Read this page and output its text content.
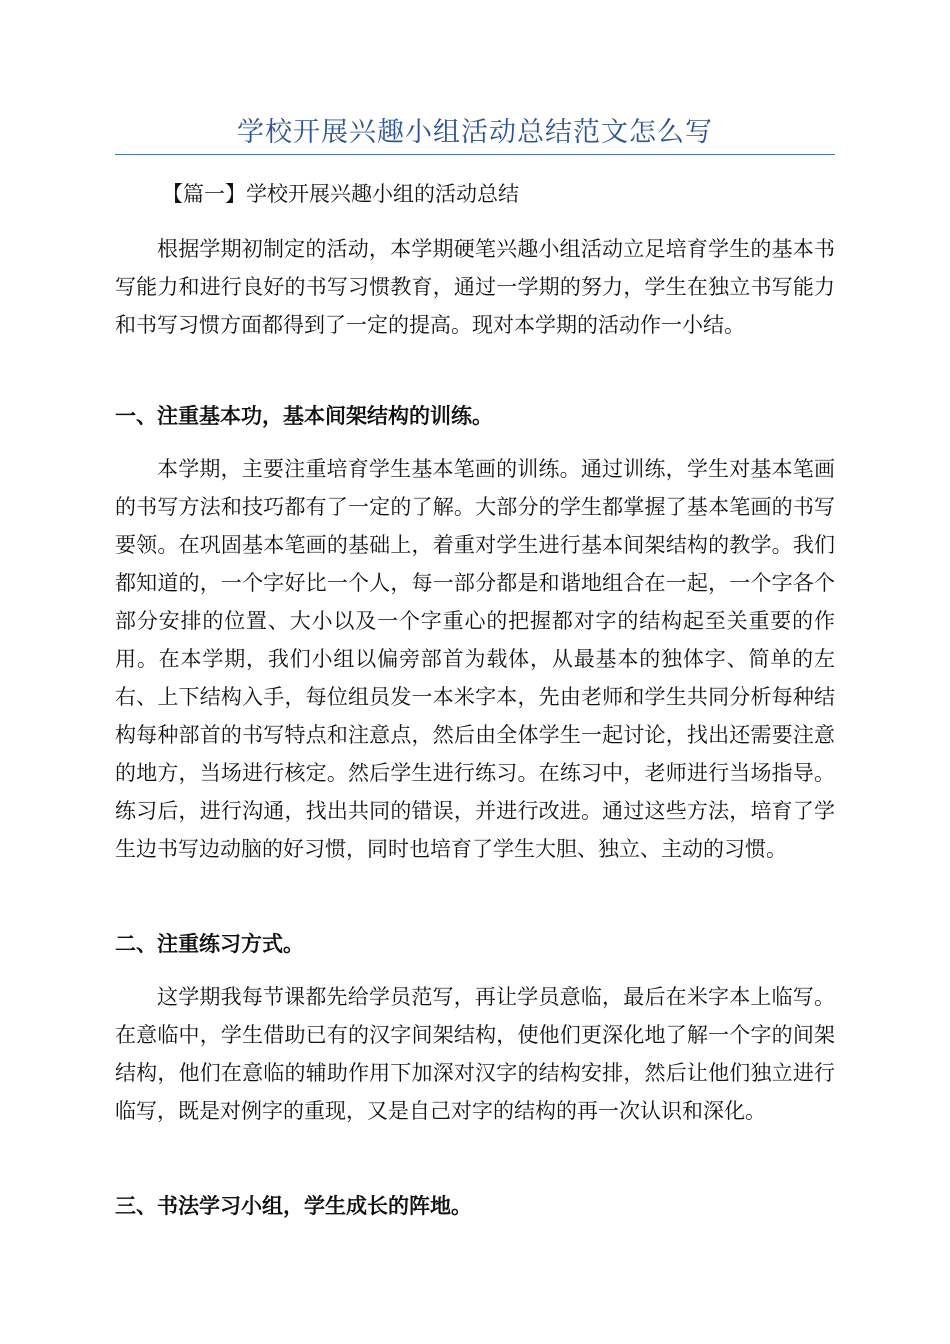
学校开展兴趣小组活动总结范文怎么写
【篇一】学校开展兴趣小组的活动总结

根据学期初制定的活动，本学期硬笔兴趣小组活动立足培育学生的基本书写能力和进行良好的书写习惯教育，通过一学期的努力，学生在独立书写能力和书写习惯方面都得到了一定的提高。现对本学期的活动作一小结。

一、注重基本功，基本间架结构的训练。

本学期，主要注重培育学生基本笔画的训练。通过训练，学生对基本笔画的书写方法和技巧都有了一定的了解。大部分的学生都掌握了基本笔画的书写要领。在巩固基本笔画的基础上，着重对学生进行基本间架结构的教学。我们都知道的，一个字好比一个人，每一部分都是和谐地组合在一起，一个字各个部分安排的位置、大小以及一个字重心的把握都对字的结构起至关重要的作用。在本学期，我们小组以偏旁部首为载体，从最基本的独体字、简单的左右、上下结构入手，每位组员发一本米字本，先由老师和学生共同分析每种结构每种部首的书写特点和注意点，然后由全体学生一起讨论，找出还需要注意的地方，当场进行核定。然后学生进行练习。在练习中，老师进行当场指导。练习后，进行沟通，找出共同的错误，并进行改进。通过这些方法，培育了学生边书写边动脑的好习惯，同时也培育了学生大胆、独立、主动的习惯。

二、注重练习方式。

这学期我每节课都先给学员范写，再让学员意临，最后在米字本上临写。在意临中，学生借助已有的汉字间架结构，使他们更深化地了解一个字的间架结构，他们在意临的辅助作用下加深对汉字的结构安排，然后让他们独立进行临写，既是对例字的重现，又是自己对字的结构的再一次认识和深化。

三、书法学习小组，学生成长的阵地。
